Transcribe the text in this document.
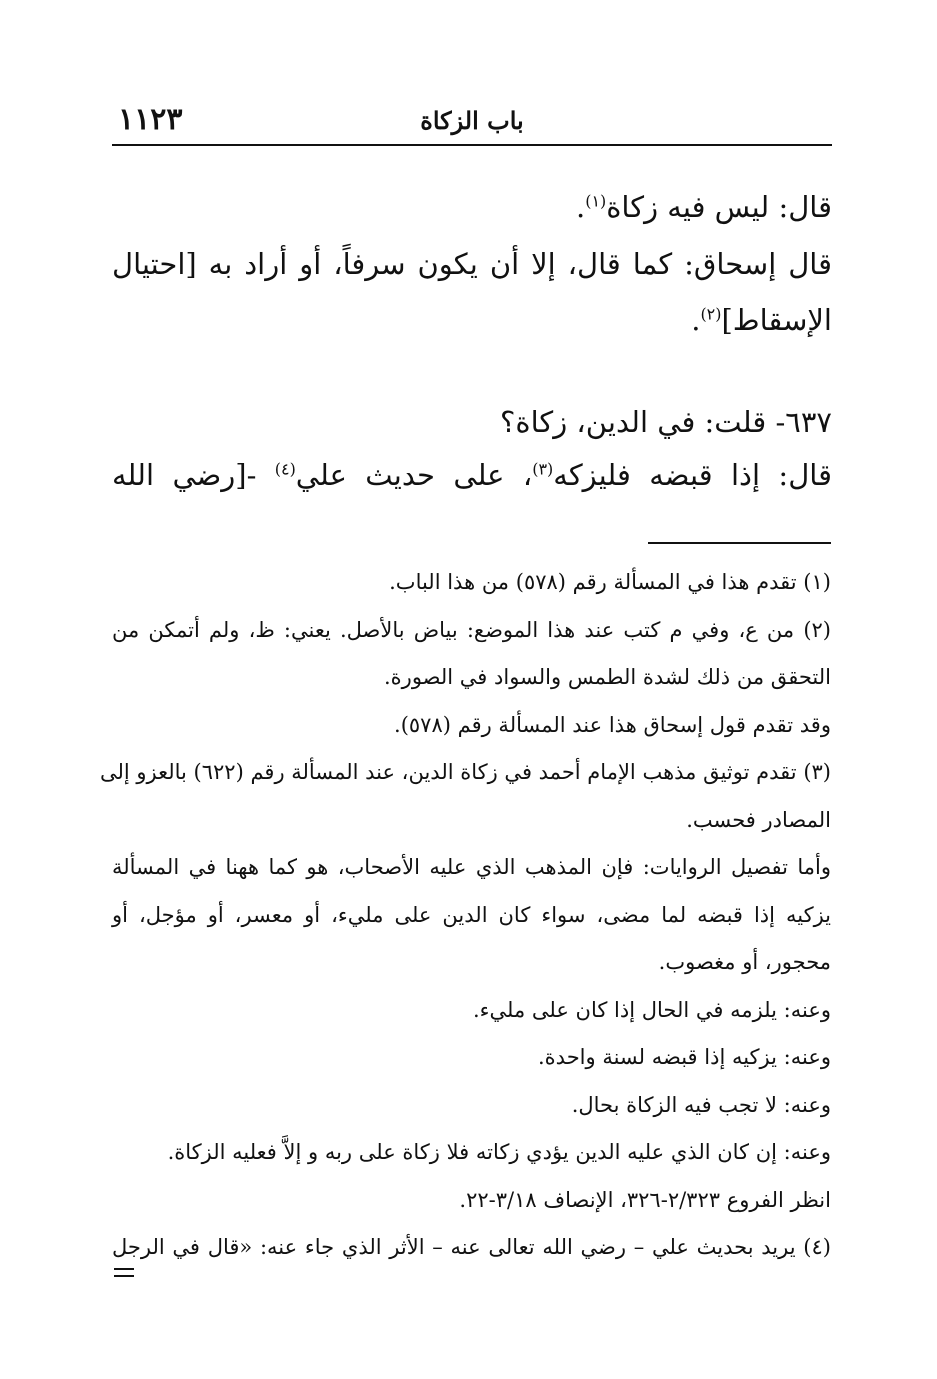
١١٢٣	باب الزكاة
قال: ليس فيه زكاة$^{(١)}$.
قال إسحاق: كما قال، إلا أن يكون سرفاً، أو أراد به [احتيال
الإسقاط]$^{(٢)}$.
٦٣٧- قلت: في الدين، زكاة؟
قال: إذا قبضه فليزكه$^{(٣)}$، على حديث علي$^{(٤)}$ -[رضي الله
(١) تقدم هذا في المسألة رقم (٥٧٨) من هذا الباب.
(٢) من ع، وفي م كتب عند هذا الموضع: بياض بالأصل. يعني: ظ، ولم أتمكن من
التحقق من ذلك لشدة الطمس والسواد في الصورة.
وقد تقدم قول إسحاق هذا عند المسألة رقم (٥٧٨).
(٣) تقدم توثيق مذهب الإمام أحمد في زكاة الدين، عند المسألة رقم (٦٢٢) بالعزو إلى
المصادر فحسب.
وأما تفصيل الروايات: فإن المذهب الذي عليه الأصحاب، هو كما ههنا في المسألة
يزكيه إذا قبضه لما مضى، سواء كان الدين على مليء، أو معسر، أو مؤجل، أو
محجور، أو مغصوب.
وعنه: يلزمه في الحال إذا كان على مليء.
وعنه: يزكيه إذا قبضه لسنة واحدة.
وعنه: لا تجب فيه الزكاة بحال.
وعنه: إن كان الذي عليه الدين يؤدي زكاته فلا زكاة على ربه و إلاَّ فعليه الزكاة.
انظر الفروع ٢/٣٢٣-٣٢٦، الإنصاف ٣/١٨-٢٢.
(٤) يريد بحديث علي – رضي الله تعالى عنه – الأثر الذي جاء عنه: «قال في الرجل
